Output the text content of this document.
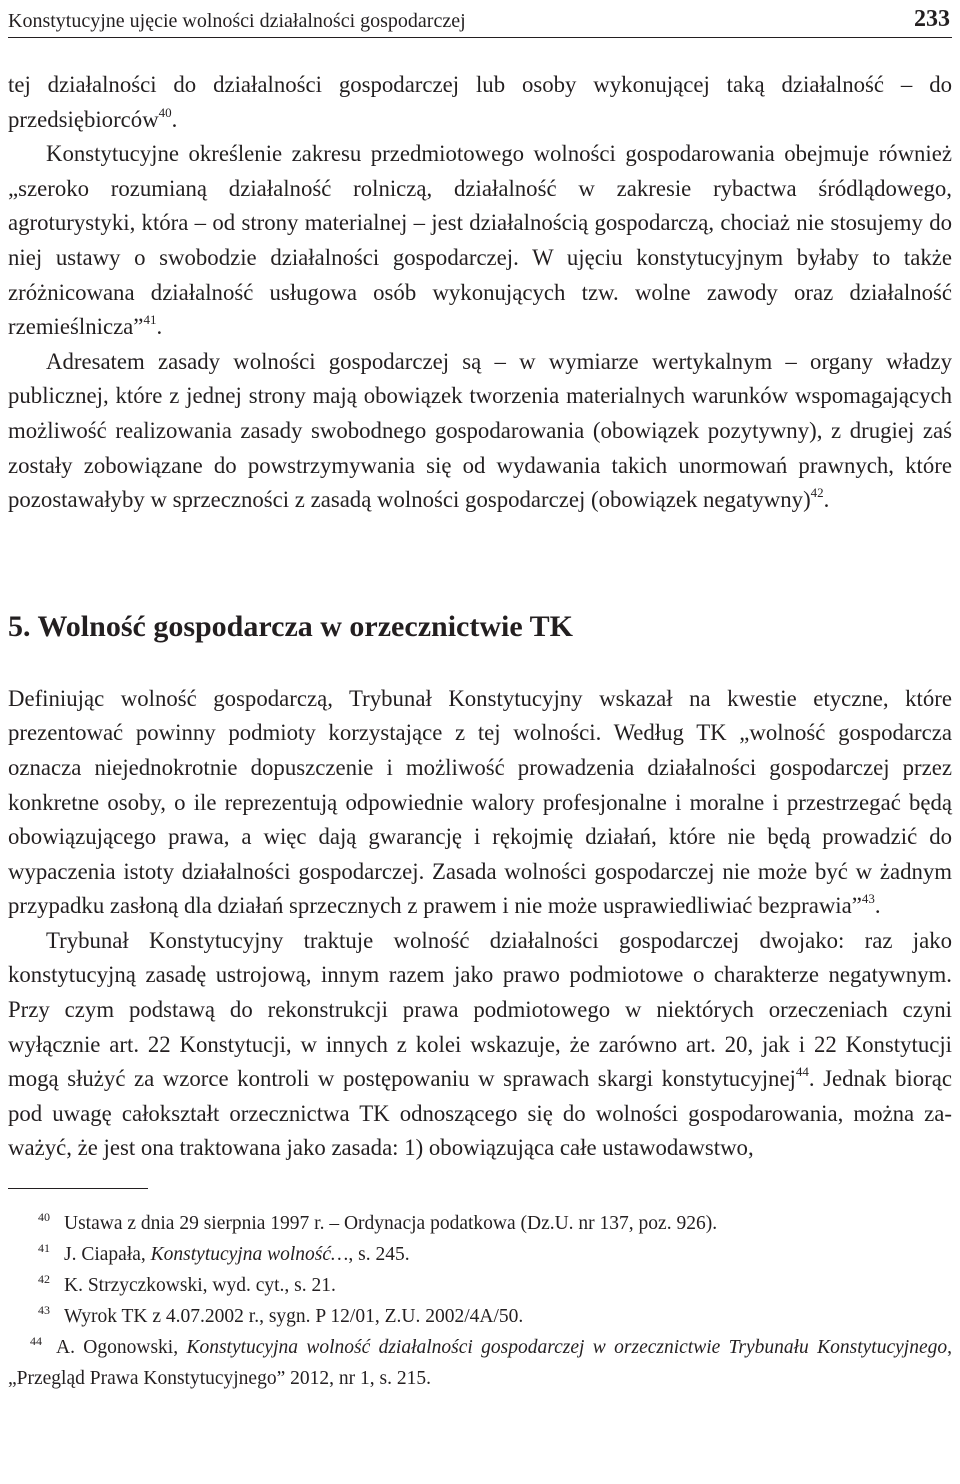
Konstytucyjne ujęcie wolności działalności gospodarczej	233

tej działalności do działalności gospodarczej lub osoby wykonującej taką działalność – do przedsiębiorców$^{40}$.

Konstytucyjne określenie zakresu przedmiotowego wolności gospodarowania obejmuje również „szeroko rozumianą działalność rolniczą, działalność w zakresie rybactwa śródlądowego, agroturystyki, która – od strony materialnej – jest działalnością gospodarczą, chociaż nie stosujemy do niej ustawy o swobodzie działalności gospodarczej. W ujęciu konstytucyjnym byłaby to także zróżnicowana działalność usługowa osób wykonujących tzw. wolne zawody oraz działalność rzemieślnicza”$^{41}$.

Adresatem zasady wolności gospodarczej są – w wymiarze wertykalnym – organy władzy publicznej, które z jednej strony mają obowiązek tworzenia materialnych warunków wspomagających możliwość realizowania zasady swobodnego gospodarowania (obowiązek pozytywny), z drugiej zaś zostały zobowiązane do powstrzymywania się od wydawania takich unormowań prawnych, które pozostawałyby w sprzeczności z zasadą wolności gospodarczej (obowiązek negatywny)$^{42}$.

5. Wolność gospodarcza w orzecznictwie TK

Definiując wolność gospodarczą, Trybunał Konstytucyjny wskazał na kwestie etyczne, które prezentować powinny podmioty korzystające z tej wolności. Według TK „wolność gospodarcza oznacza niejednokrotnie dopuszczenie i możliwość prowadzenia działalności gospodarczej przez konkretne osoby, o ile reprezentują odpowiednie walory profesjonalne i moralne i przestrzegać będą obowiązującego prawa, a więc dają gwarancję i rękojmię działań, które nie będą prowadzić do wypaczenia istoty działalności gospodarczej. Zasada wolności gospodarczej nie może być w żadnym przypadku zasłoną dla działań sprzecznych z prawem i nie może usprawiedliwiać bezprawia”$^{43}$.

Trybunał Konstytucyjny traktuje wolność działalności gospodarczej dwojako: raz jako konstytucyjną zasadę ustrojową, innym razem jako prawo podmiotowe o charakterze negatywnym. Przy czym podstawą do rekonstrukcji prawa podmiotowego w niektórych orzeczeniach czyni wyłącznie art. 22 Konstytucji, w innych z kolei wskazuje, że zarówno art. 20, jak i 22 Konstytucji mogą służyć za wzorce kontroli w postępowaniu w sprawach skargi konstytucyjnej$^{44}$. Jednak biorąc pod uwagę całokształt orzecznictwa TK odnoszącego się do wolności gospodarowania, można zaważyć, że jest ona traktowana jako zasada: 1) obowiązująca całe ustawodawstwo,

40 Ustawa z dnia 29 sierpnia 1997 r. – Ordynacja podatkowa (Dz.U. nr 137, poz. 926).
41 J. Ciapała, Konstytucyjna wolność…, s. 245.
42 K. Strzyczkowski, wyd. cyt., s. 21.
43 Wyrok TK z 4.07.2002 r., sygn. P 12/01, Z.U. 2002/4A/50.
44 A. Ogonowski, Konstytucyjna wolność działalności gospodarczej w orzecznictwie Trybunału Konstytucyjnego, „Przegląd Prawa Konstytucyjnego” 2012, nr 1, s. 215.
